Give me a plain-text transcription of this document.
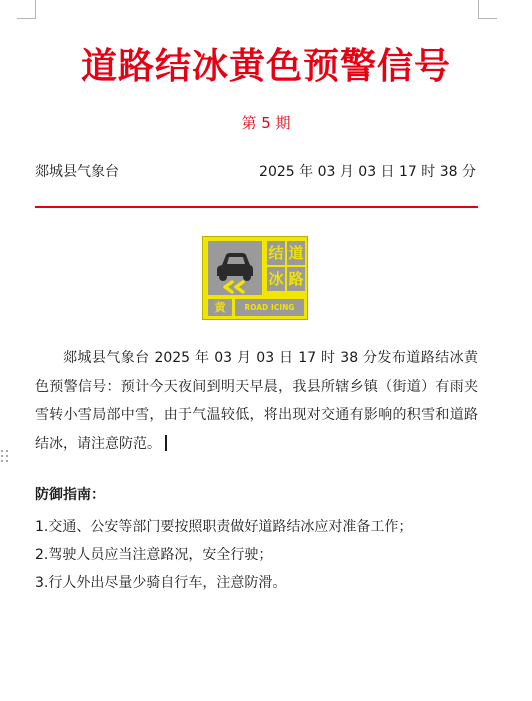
道路结冰黄色预警信号
第 5 期
郯城县气象台	2025 年 03 月 03 日 17 时 38 分
结 道
冰 路
黄	ROAD ICING
郯城县气象台 2025 年 03 月 03 日 17 时 38 分发布道路结冰黄色预警信号：预计今天夜间到明天早晨，我县所辖乡镇（街道）有雨夹雪转小雪局部中雪，由于气温较低，将出现对交通有影响的积雪和道路结冰，请注意防范。
防御指南：
1.交通、公安等部门要按照职责做好道路结冰应对准备工作；
2.驾驶人员应当注意路况，安全行驶；
3.行人外出尽量少骑自行车，注意防滑。
